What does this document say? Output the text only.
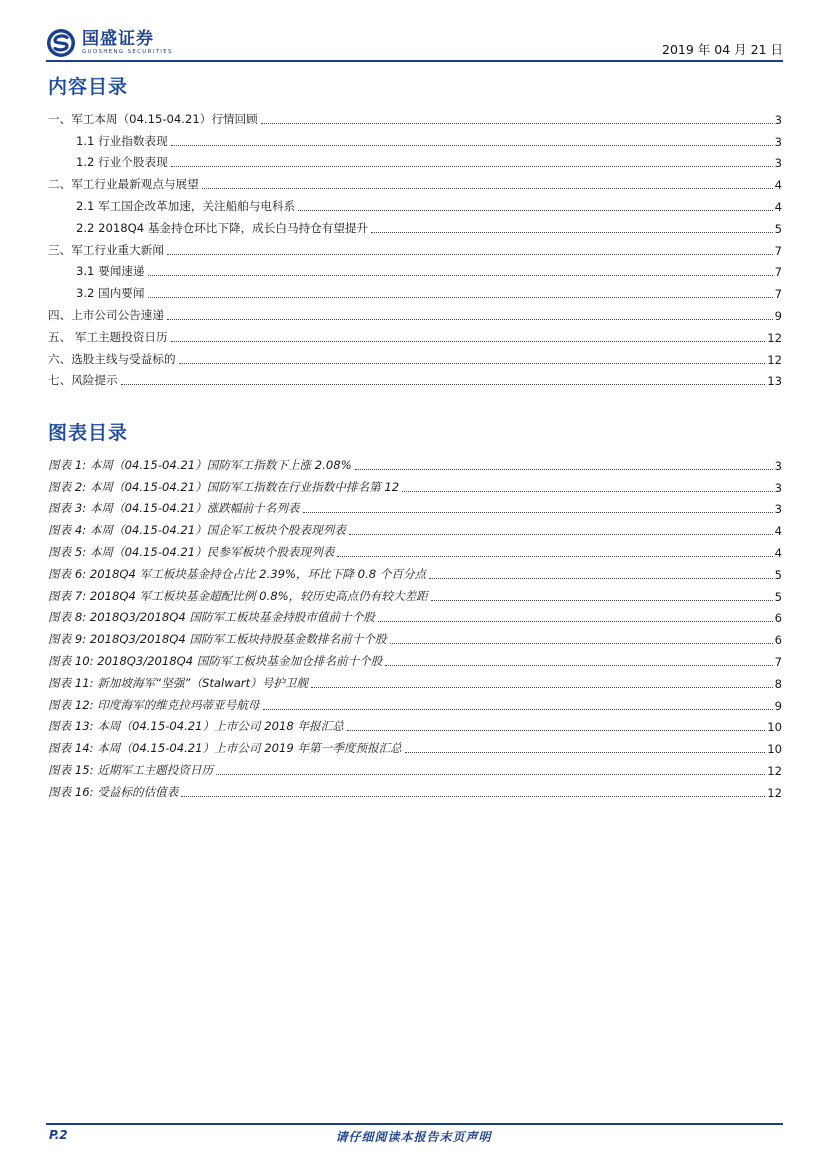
国盛证券
GUOSHENG SECURITIES	2019 年 04 月 21 日
内容目录
一、军工本周（04.15-04.21）行情回顾	3
1.1 行业指数表现	3
1.2 行业个股表现	3
二、军工行业最新观点与展望	4
2.1 军工国企改革加速，关注船舶与电科系	4
2.2 2018Q4 基金持仓环比下降，成长白马持仓有望提升	5
三、军工行业重大新闻	7
3.1 要闻速递	7
3.2 国内要闻	7
四、上市公司公告速递	9
五、 军工主题投资日历	12
六、选股主线与受益标的	12
七、风险提示	13
图表目录
图表 1: 本周（04.15-04.21）国防军工指数下上涨 2.08%	3
图表 2: 本周（04.15-04.21）国防军工指数在行业指数中排名第 12	3
图表 3: 本周（04.15-04.21）涨跌幅前十名列表	3
图表 4: 本周（04.15-04.21）国企军工板块个股表现列表	4
图表 5: 本周（04.15-04.21）民参军板块个股表现列表	4
图表 6: 2018Q4 军工板块基金持仓占比 2.39%，环比下降 0.8 个百分点	5
图表 7: 2018Q4 军工板块基金超配比例 0.8%，较历史高点仍有较大差距	5
图表 8: 2018Q3/2018Q4 国防军工板块基金持股市值前十个股	6
图表 9: 2018Q3/2018Q4 国防军工板块持股基金数排名前十个股	6
图表 10: 2018Q3/2018Q4 国防军工板块基金加仓排名前十个股	7
图表 11: 新加坡海军“坚强”（Stalwart）号护卫舰	8
图表 12: 印度海军的维克拉玛蒂亚号航母	9
图表 13: 本周（04.15-04.21）上市公司 2018 年报汇总	10
图表 14: 本周（04.15-04.21）上市公司 2019 年第一季度预报汇总	10
图表 15: 近期军工主题投资日历	12
图表 16: 受益标的估值表	12
P.2	请仔细阅读本报告末页声明
